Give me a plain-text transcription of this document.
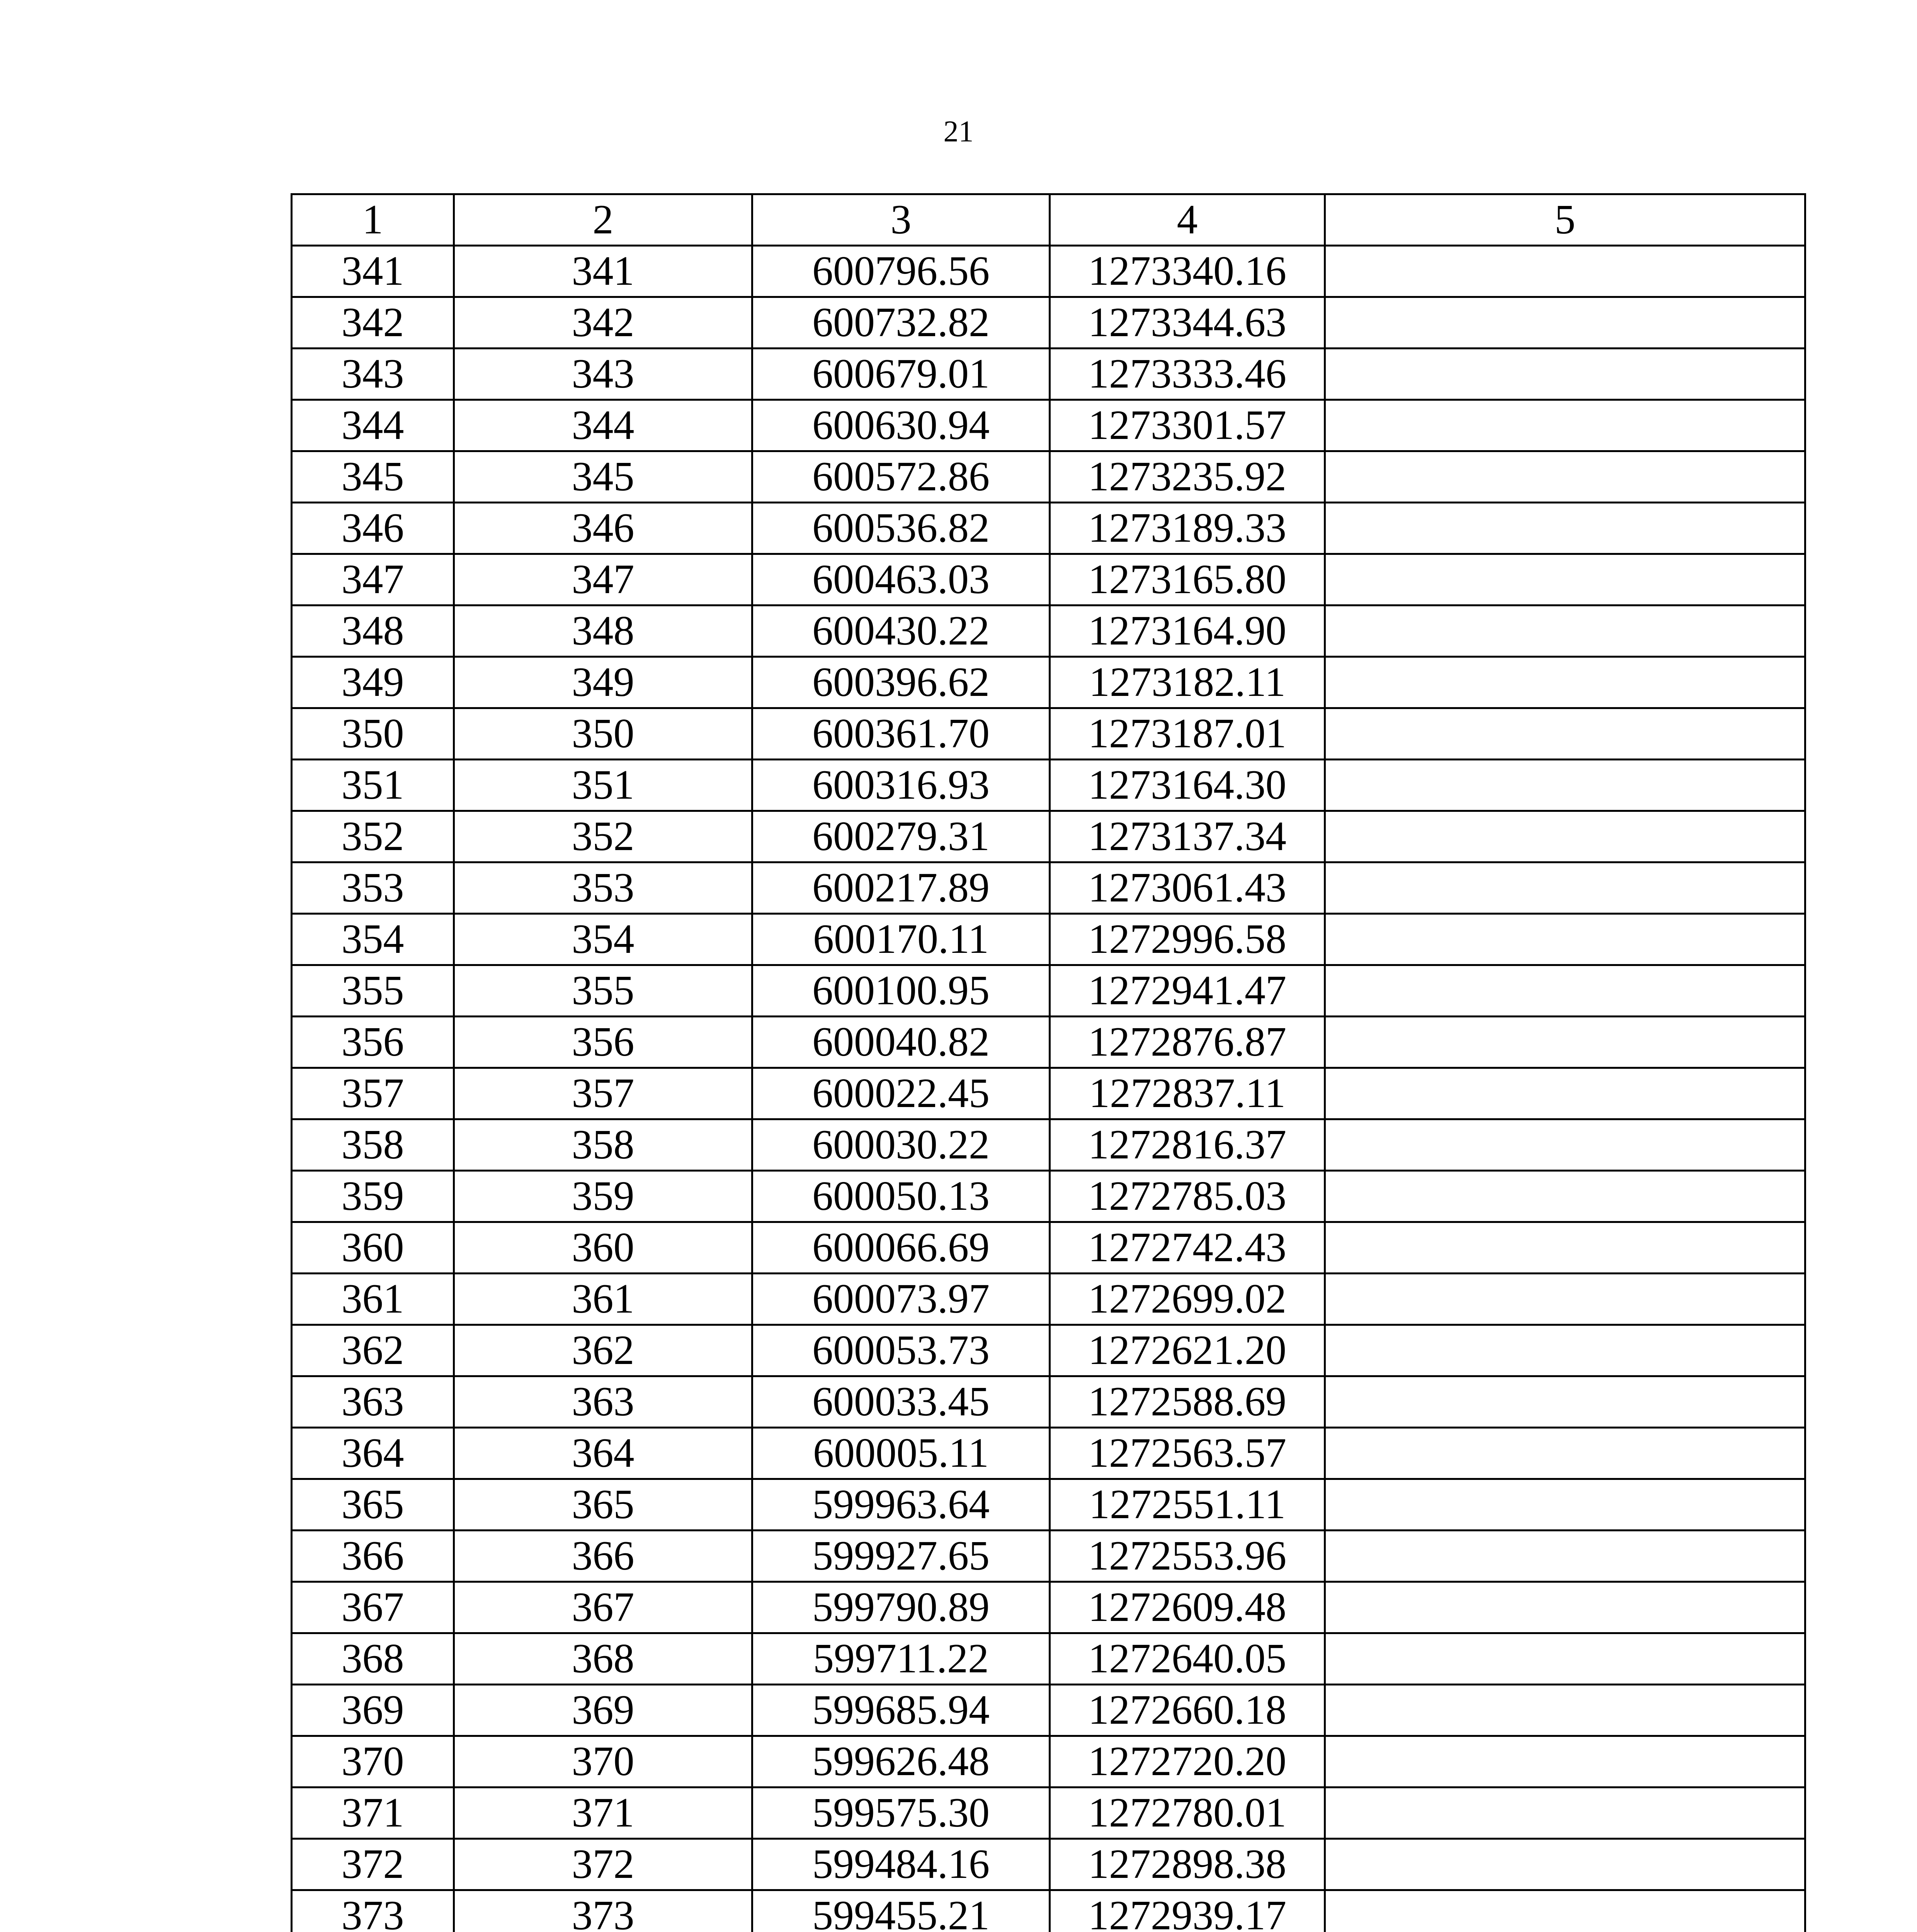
21
1	2	3	4	5
341	341	600796.56	1273340.16	
342	342	600732.82	1273344.63	
343	343	600679.01	1273333.46	
344	344	600630.94	1273301.57	
345	345	600572.86	1273235.92	
346	346	600536.82	1273189.33	
347	347	600463.03	1273165.80	
348	348	600430.22	1273164.90	
349	349	600396.62	1273182.11	
350	350	600361.70	1273187.01	
351	351	600316.93	1273164.30	
352	352	600279.31	1273137.34	
353	353	600217.89	1273061.43	
354	354	600170.11	1272996.58	
355	355	600100.95	1272941.47	
356	356	600040.82	1272876.87	
357	357	600022.45	1272837.11	
358	358	600030.22	1272816.37	
359	359	600050.13	1272785.03	
360	360	600066.69	1272742.43	
361	361	600073.97	1272699.02	
362	362	600053.73	1272621.20	
363	363	600033.45	1272588.69	
364	364	600005.11	1272563.57	
365	365	599963.64	1272551.11	
366	366	599927.65	1272553.96	
367	367	599790.89	1272609.48	
368	368	599711.22	1272640.05	
369	369	599685.94	1272660.18	
370	370	599626.48	1272720.20	
371	371	599575.30	1272780.01	
372	372	599484.16	1272898.38	
373	373	599455.21	1272939.17	
